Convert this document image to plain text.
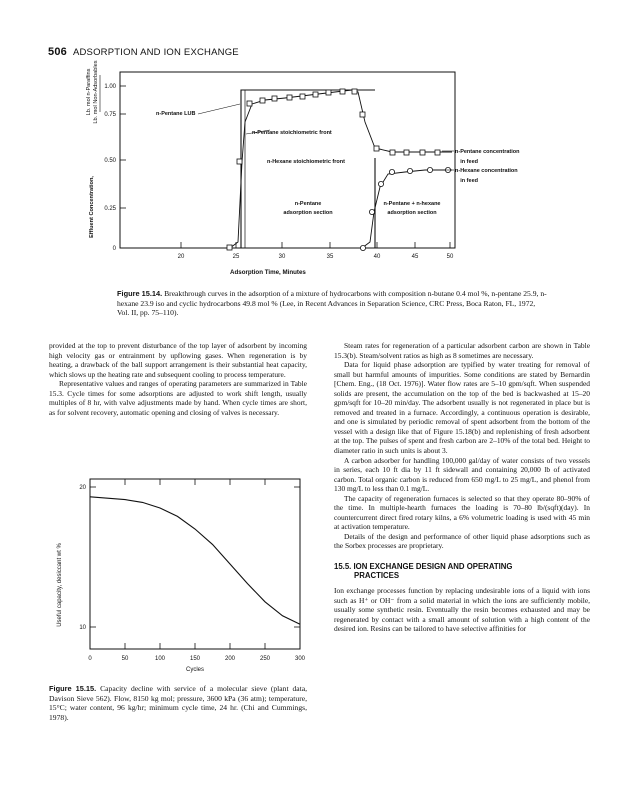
506 ADSORPTION AND ION EXCHANGE
Lb. mol n-Paraffins Lb. mol Non-Adsorbables
Effluent Concentration,
1.00
0.75
0.50
0.25
0
20	25	30	35	40	45	50
Adsorption Time, Minutes
n-Pentane LUB
n-Pentane stoichiometric front
n-Hexane stoichiometric front
n-Pentane concentration
in feed
n-Hexane concentration
in feed
n-Pentane
adsorption section
n-Pentane + n-hexane
adsorption section
Figure 15.14. Breakthrough curves in the adsorption of a mixture of hydrocarbons with composition n-butane 0.4 mol %, n-pentane 25.9, n-hexane 23.9 iso and cyclic hydrocarbons 49.8 mol % (Lee, in Recent Advances in Separation Science, CRC Press, Boca Raton, FL, 1972, Vol. II, pp. 75–110).

provided at the top to prevent disturbance of the top layer of adsorbent by incoming high velocity gas or entrainment by upflowing gases. When regeneration is by heating, a drawback of the ball support arrangement is their substantial heat capacity, which slows up the heating rate and subsequent cooling to process temperature.

Representative values and ranges of operating parameters are summarized in Table 15.3. Cycle times for some adsorptions are adjusted to work shift length, usually multiples of 8 hr, with valve adjustments made by hand. When cycle times are short, as for solvent recovery, automatic opening and closing of valves is necessary.

Useful capacity, desiccant wt %
0	50	100	150	200	250	300
20
10
Cycles
Figure 15.15. Capacity decline with service of a molecular sieve (plant data, Davison Sieve 562). Flow, 8150 kg mol; pressure, 3600 kPa (36 atm); temperature, 15°C; water content, 96 kg/hr; minimum cycle time, 24 hr. (Chi and Cummings, 1978).

Steam rates for regeneration of a particular adsorbent carbon are shown in Table 15.3(b). Steam/solvent ratios as high as 8 sometimes are necessary.

Data for liquid phase adsorption are typified by water treating for removal of small but harmful amounts of impurities. Some conditions are stated by Bernardin [Chem. Eng., (18 Oct. 1976)]. Water flow rates are 5–10 gpm/sqft. When suspended solids are present, the accumulation on the top of the bed is backwashed at 15–20 gpm/sqft for 10–20 min/day. The adsorbent usually is not regenerated in place but is removed and treated in a furnace. Accordingly, a continuous operation is desirable, and one is simulated by periodic removal of spent adsorbent from the bottom of the vessel with a design like that of Figure 15.18(b) and replenishing of fresh adsorbent at the top. The pulses of spent and fresh carbon are 2–10% of the total bed. Height to diameter ratio in such units is about 3.

A carbon adsorber for handling 100,000 gal/day of water consists of two vessels in series, each 10 ft dia by 11 ft sidewall and containing 20,000 lb of activated carbon. Total organic carbon is reduced from 650 mg/L to 25 mg/L, and phenol from 130 mg/L to less than 0.1 mg/L.

The capacity of regeneration furnaces is selected so that they operate 80–90% of the time. In multiple-hearth furnaces the loading is 70–80 lb/(sqft)(day). In countercurrent direct fired rotary kilns, a 6% volumetric loading is used with 45 min at activation temperature.

Details of the design and performance of other liquid phase adsorptions such as the Sorbex processes are proprietary.

15.5. ION EXCHANGE DESIGN AND OPERATING
PRACTICES

Ion exchange processes function by replacing undesirable ions of a liquid with ions such as H⁺ or OH⁻ from a solid material in which the ions are sufficiently mobile, usually some synthetic resin. Eventually the resin becomes exhausted and may be regenerated by contact with a small amount of solution with a high content of the desired ion. Resins can be tailored to have selective affinities for
